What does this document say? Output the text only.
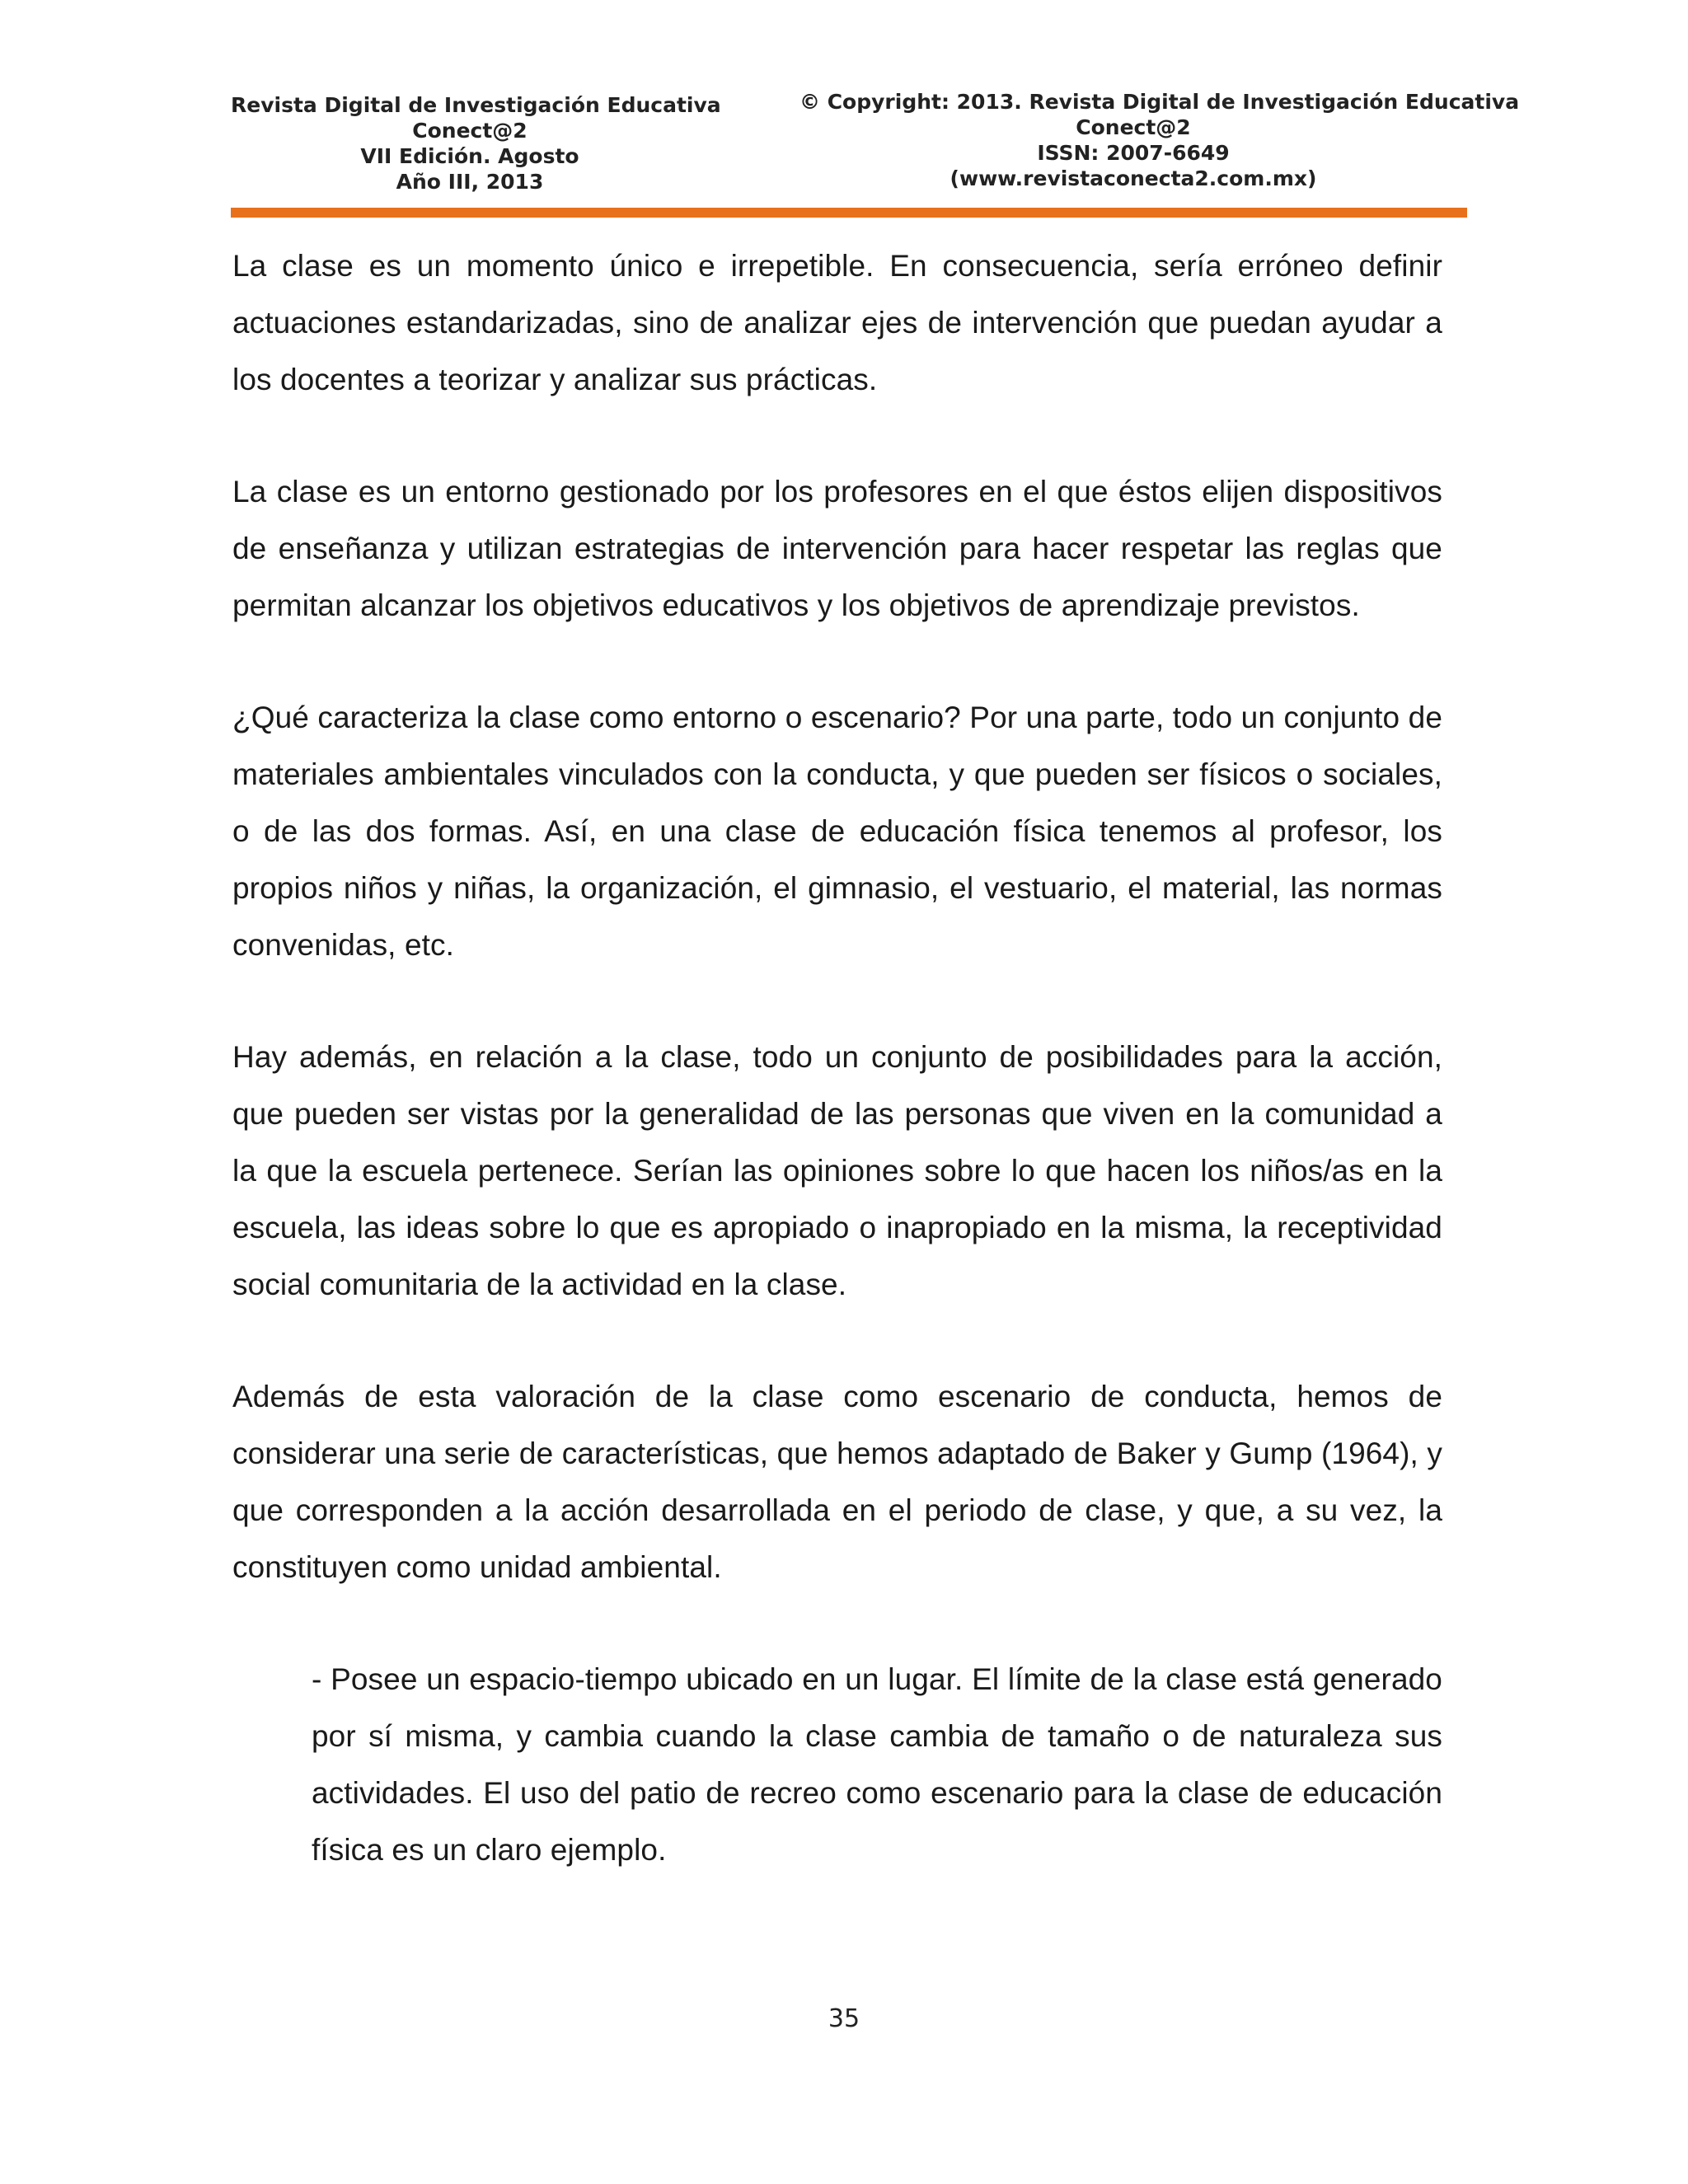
Revista Digital de Investigación Educativa
Conect@2
VII Edición. Agosto
Año III, 2013
© Copyright: 2013. Revista Digital de Investigación Educativa
Conect@2
ISSN: 2007-6649
(www.revistaconecta2.com.mx)

La clase es un momento único e irrepetible. En consecuencia, sería erróneo definir actuaciones estandarizadas, sino de analizar ejes de intervención que puedan ayudar a los docentes a teorizar y analizar sus prácticas.

La clase es un entorno gestionado por los profesores en el que éstos elijen dispositivos de enseñanza y utilizan estrategias de intervención para hacer respetar las reglas que permitan alcanzar los objetivos educativos y los objetivos de aprendizaje previstos.

¿Qué caracteriza la clase como entorno o escenario? Por una parte, todo un conjunto de materiales ambientales vinculados con la conducta, y que pueden ser físicos o sociales, o de las dos formas. Así, en una clase de educación física tenemos al profesor, los propios niños y niñas, la organización, el gimnasio, el vestuario, el material, las normas convenidas, etc.

Hay además, en relación a la clase, todo un conjunto de posibilidades para la acción, que pueden ser vistas por la generalidad de las personas que viven en la comunidad a la que la escuela pertenece. Serían las opiniones sobre lo que hacen los niños/as en la escuela, las ideas sobre lo que es apropiado o inapropiado en la misma, la receptividad social comunitaria de la actividad en la clase.

Además de esta valoración de la clase como escenario de conducta, hemos de considerar una serie de características, que hemos adaptado de Baker y Gump (1964), y que corresponden a la acción desarrollada en el periodo de clase, y que, a su vez, la constituyen como unidad ambiental.

- Posee un espacio-tiempo ubicado en un lugar. El límite de la clase está generado por sí misma, y cambia cuando la clase cambia de tamaño o de naturaleza sus actividades. El uso del patio de recreo como escenario para la clase de educación física es un claro ejemplo.

35
